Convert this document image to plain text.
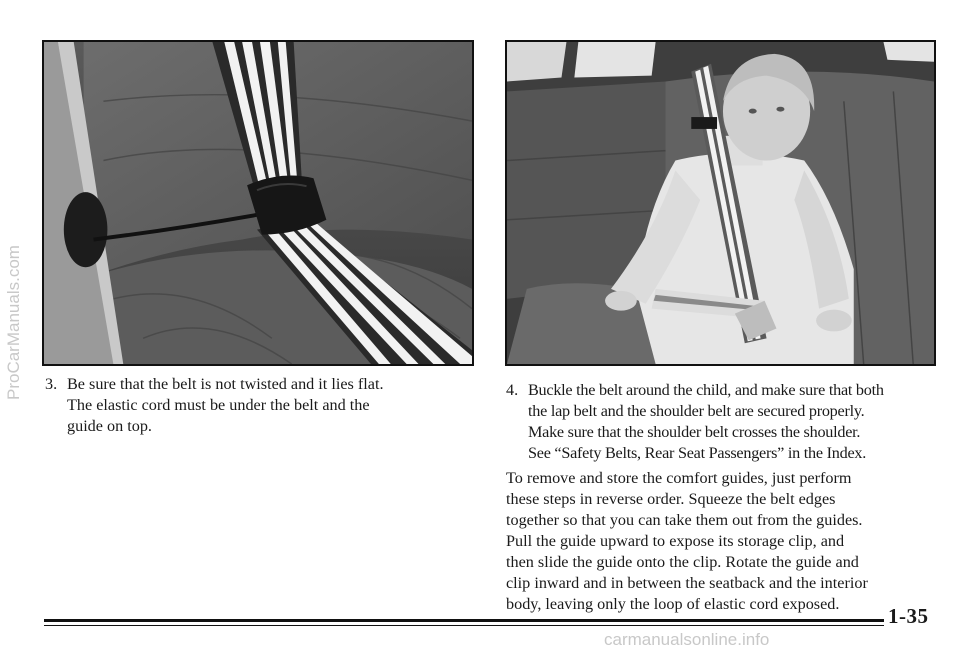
3. Be sure that the belt is not twisted and it lies flat.
The elastic cord must be under the belt and the
guide on top.
4. Buckle the belt around the child, and make sure that both
the lap belt and the shoulder belt are secured properly.
Make sure that the shoulder belt crosses the shoulder.
See “Safety Belts, Rear Seat Passengers” in the Index.
To remove and store the comfort guides, just perform
these steps in reverse order. Squeeze the belt edges
together so that you can take them out from the guides.
Pull the guide upward to expose its storage clip, and
then slide the guide onto the clip. Rotate the guide and
clip inward and in between the seatback and the interior
body, leaving only the loop of elastic cord exposed.	1-35
ProCarManuals.com
carmanualsonline.info
